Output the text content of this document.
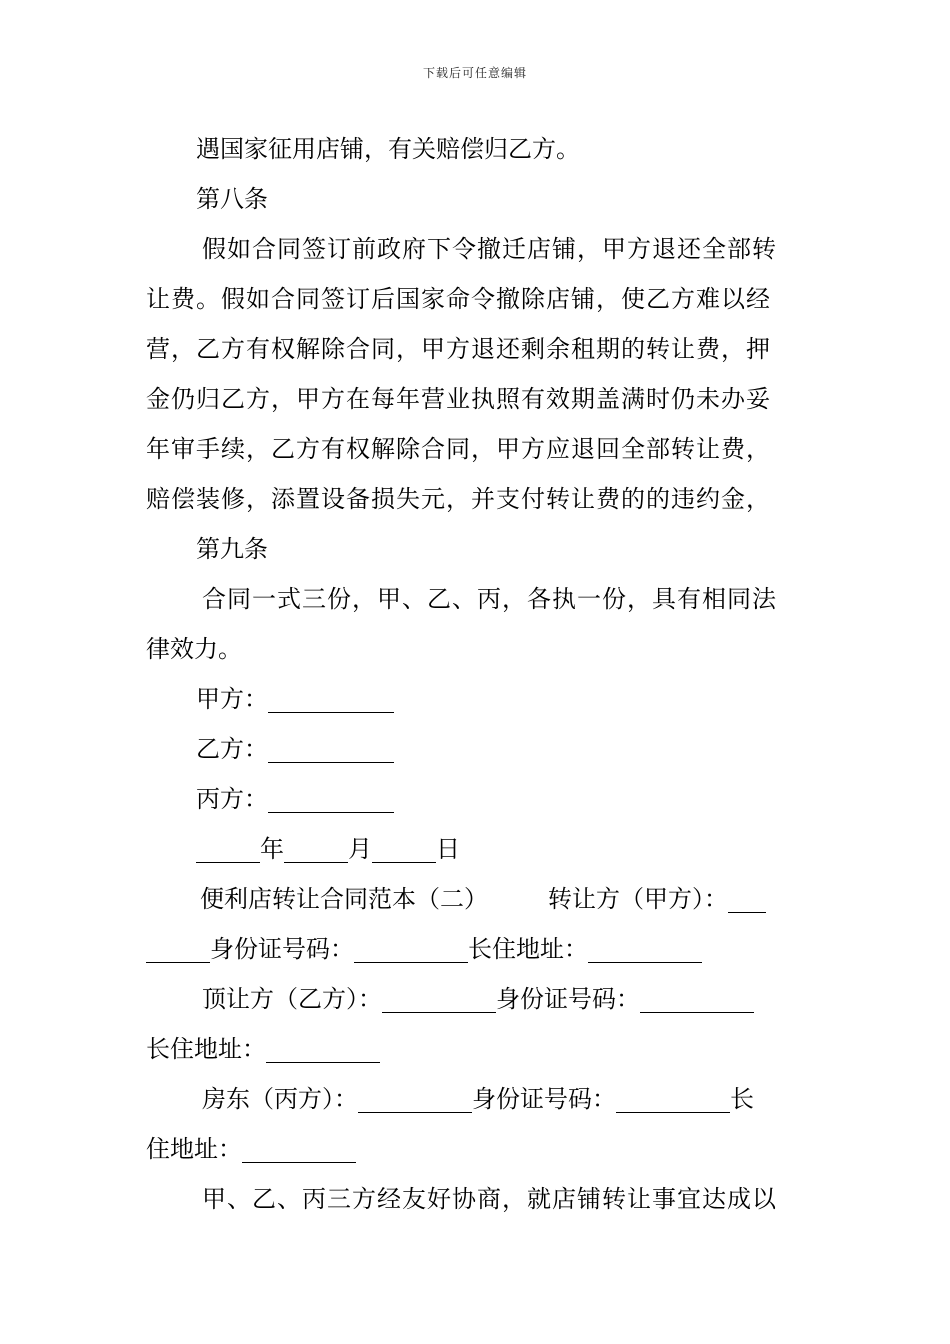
下载后可任意编辑

遇国家征用店铺，有关赔偿归乙方。

第八条

假如合同签订前政府下令撤迁店铺，甲方退还全部转

让费。假如合同签订后国家命令撤除店铺，使乙方难以经

营，乙方有权解除合同，甲方退还剩余租期的转让费，押

金仍归乙方，甲方在每年营业执照有效期盖满时仍未办妥

年审手续，乙方有权解除合同，甲方应退回全部转让费，

赔偿装修，添置设备损失元，并支付转让费的的违约金，

第九条

合同一式三份，甲、乙、丙，各执一份，具有相同法

律效力。

甲方：

乙方：

丙方：

年	月	日

便利店转让合同范本（二）	转让方（甲方）：

身份证号码：	长住地址：

顶让方（乙方）：	身份证号码：

长住地址：

房东（丙方）：	身份证号码：	长

住地址：

甲、乙、丙三方经友好协商，就店铺转让事宜达成以
